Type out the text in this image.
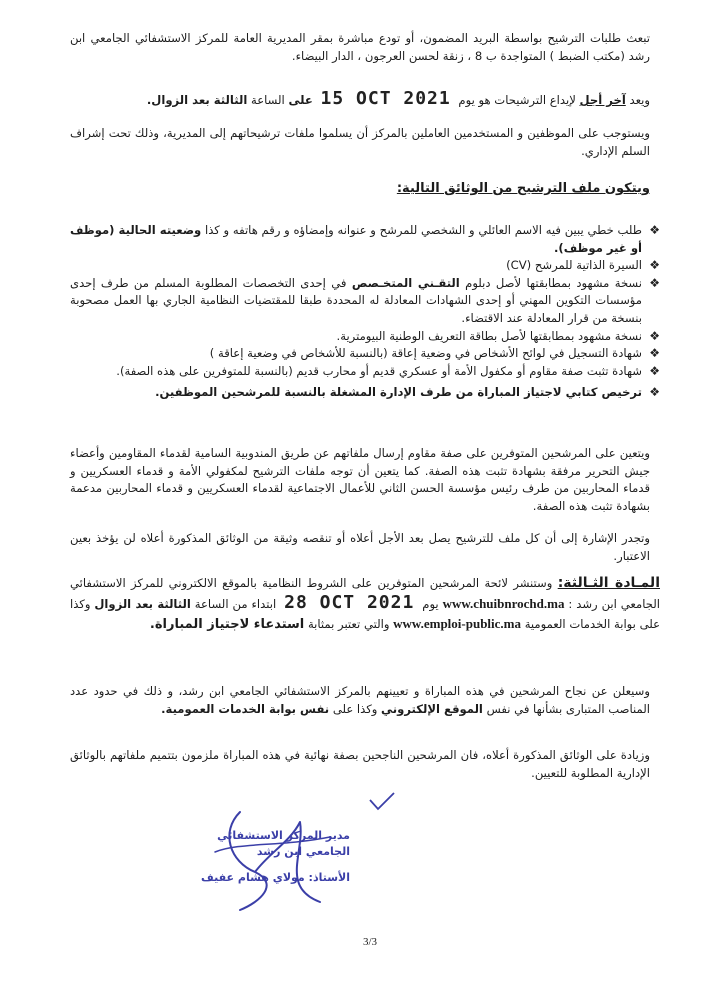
تبعث طلبات الترشيح بواسطة البريد المضمون، أو تودع مباشرة بمقر المديرية العامة للمركز الاستشفائي الجامعي ابن رشد (مكتب الضبط ) المتواجدة ب 8 ، زنقة لحسن العرجون ، الدار البيضاء.

ويعد آخر أجل لإيداع الترشيحات هو يوم 15 OCT 2021 على الساعة الثالثة بعد الزوال.

ويستوجب على الموظفين و المستخدمين العاملين بالمركز أن يسلموا ملفات ترشيحاتهم إلى المديرية، وذلك تحت إشراف السلم الإداري.

ويتكون ملف الترشيح من الوثائق التالية:

❖
طلب خطي يبين فيه الاسم العائلي و الشخصي للمرشح و عنوانه وإمضاؤه و رقم هاتفه و كذا وضعيته الحالية (موظف أو غير موظف).
❖
السيرة الذاتية للمرشح (CV)
❖
نسخة مشهود بمطابقتها لأصل دبلوم التقـني المتخـصص في إحدى التخصصات المطلوبة المسلم من طرف إحدى مؤسسات التكوين المهني أو إحدى الشهادات المعادلة له المحددة طبقا للمقتضيات النظامية الجاري بها العمل مصحوبة بنسخة من قرار المعادلة عند الاقتضاء.
❖
نسخة مشهود بمطابقتها لأصل بطاقة التعريف الوطنية البيومترية.
❖
شهادة التسجيل في لوائح الأشخاص في وضعية إعاقة (بالنسبة للأشخاص في وضعية إعاقة )
❖
شهادة تثبت صفة مقاوم أو مكفول الأمة أو عسكري قديم أو محارب قديم (بالنسبة للمتوفرين على هذه الصفة).
❖
ترخيص كتابي لاجتياز المباراة من طرف الإدارة المشغلة بالنسبة للمرشحين الموظفين.

ويتعين على المرشحين المتوفرين على صفة مقاوم إرسال ملفاتهم عن طريق المندوبية السامية لقدماء المقاومين وأعضاء جيش التحرير مرفقة بشهادة تثبت هذه الصفة. كما يتعين أن توجه ملفات الترشيح لمكفولي الأمة و قدماء العسكريين و قدماء المحاربين من طرف رئيس مؤسسة الحسن الثاني للأعمال الاجتماعية لقدماء العسكريين و قدماء المحاربين مدعمة بشهادة تثبت هذه الصفة.

وتجدر الإشارة إلى أن كل ملف للترشيح يصل بعد الأجل أعلاه أو تنقصه وثيقة من الوثائق المذكورة أعلاه لن يؤخذ بعين الاعتبار.

المـادة الثـالثة: وستنشر لائحة المرشحين المتوفرين على الشروط النظامية بالموقع الالكتروني للمركز الاستشفائي الجامعي ابن رشد : www.chuibnrochd.ma يوم 28 OCT 2021 ابتداء من الساعة الثالثة بعد الزوال وكذا على بوابة الخدمات العمومية www.emploi-public.ma والتي تعتبر بمثابة استدعاء لاجتياز المباراة.

وسيعلن عن نجاح المرشحين في هذه المباراة و تعيينهم بالمركز الاستشفائي الجامعي ابن رشد، و ذلك في حدود عدد المناصب المتبارى بشأنها في نفس الموقع الإلكتروني وكذا على نفس بوابة الخدمات العمومية.

وزيادة على الوثائق المذكورة أعلاه، فان المرشحين الناجحين بصفة نهائية في هذه المباراة ملزمون بتتميم ملفاتهم بالوثائق الإدارية المطلوبة للتعيين.

مدير المركز الاستشفائي
الجامعي ابن رشد
الأستاذ: مولاي هشام عفيف
3/3
